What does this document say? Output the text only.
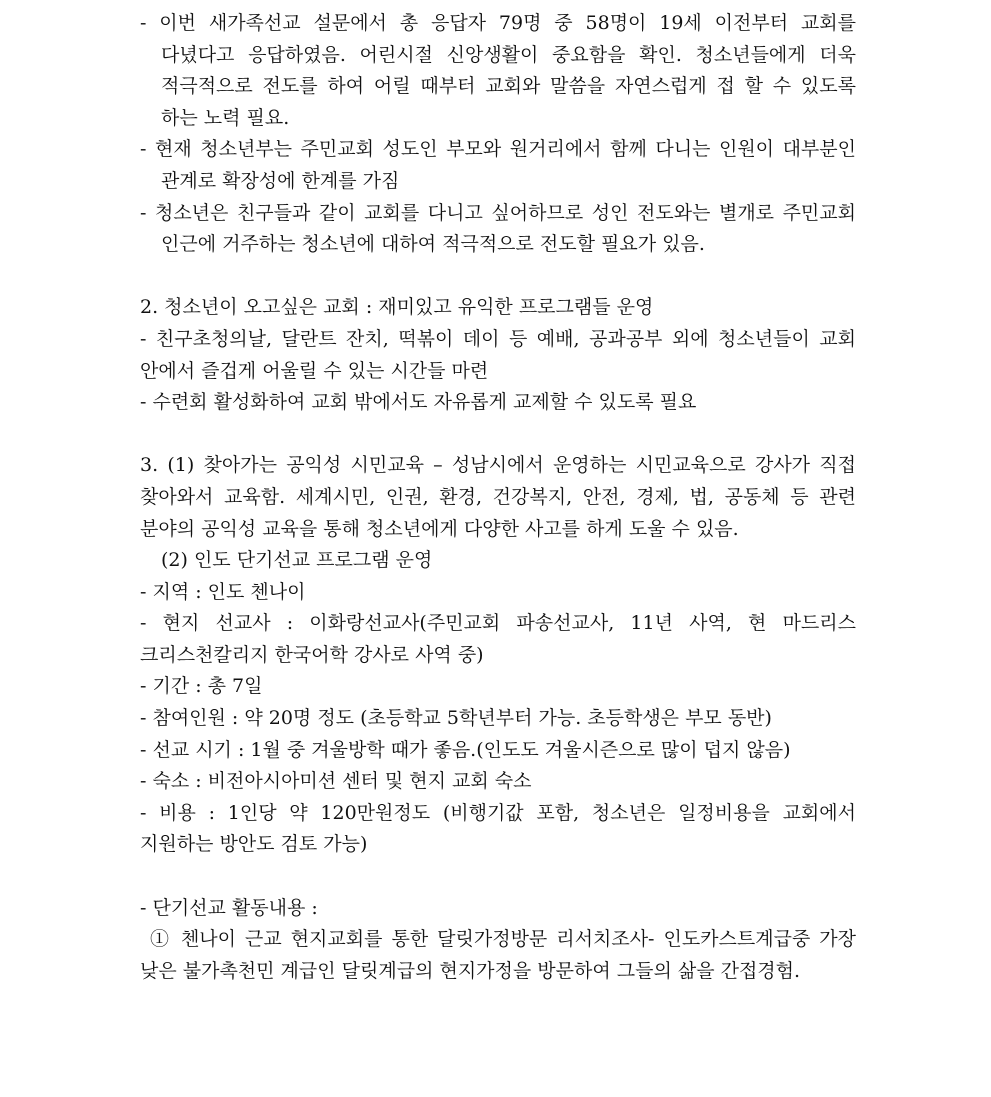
- 이번 새가족선교 설문에서 총 응답자 79명 중 58명이 19세 이전부터 교회를 다녔다고 응답하였음. 어린시절 신앙생활이 중요함을 확인. 청소년들에게 더욱 적극적으로 전도를 하여 어릴 때부터 교회와 말씀을 자연스럽게 접 할 수 있도록 하는 노력 필요.

- 현재 청소년부는 주민교회 성도인 부모와 원거리에서 함께 다니는 인원이 대부분인 관계로 확장성에 한계를 가짐

- 청소년은 친구들과 같이 교회를 다니고 싶어하므로 성인 전도와는 별개로 주민교회 인근에 거주하는 청소년에 대하여 적극적으로 전도할 필요가 있음.

2. 청소년이 오고싶은 교회 : 재미있고 유익한 프로그램들 운영

- 친구초청의날, 달란트 잔치, 떡볶이 데이 등 예배, 공과공부 외에 청소년들이 교회 안에서 즐겁게 어울릴 수 있는 시간들 마련

- 수련회 활성화하여 교회 밖에서도 자유롭게 교제할 수 있도록 필요

3. (1) 찾아가는 공익성 시민교육 – 성남시에서 운영하는 시민교육으로 강사가 직접 찾아와서 교육함. 세계시민, 인권, 환경, 건강복지, 안전, 경제, 법, 공동체 등 관련 분야의 공익성 교육을 통해 청소년에게 다양한 사고를 하게 도울 수 있음.

(2) 인도 단기선교 프로그램 운영

- 지역 : 인도 첸나이

- 현지 선교사 : 이화랑선교사(주민교회 파송선교사, 11년 사역, 현 마드리스 크리스천칼리지 한국어학 강사로 사역 중)

- 기간 : 총 7일

- 참여인원 : 약 20명 정도 (초등학교 5학년부터 가능. 초등학생은 부모 동반)

- 선교 시기 : 1월 중 겨울방학 때가 좋음.(인도도 겨울시즌으로 많이 덥지 않음)

- 숙소 : 비전아시아미션 센터 및 현지 교회 숙소

- 비용 : 1인당 약 120만원정도 (비행기값 포함, 청소년은 일정비용을 교회에서 지원하는 방안도 검토 가능)

- 단기선교 활동내용 :

① 첸나이 근교 현지교회를 통한 달릿가정방문 리서치조사- 인도카스트계급중 가장 낮은 불가촉천민 계급인 달릿계급의 현지가정을 방문하여 그들의 삶을 간접경험.
